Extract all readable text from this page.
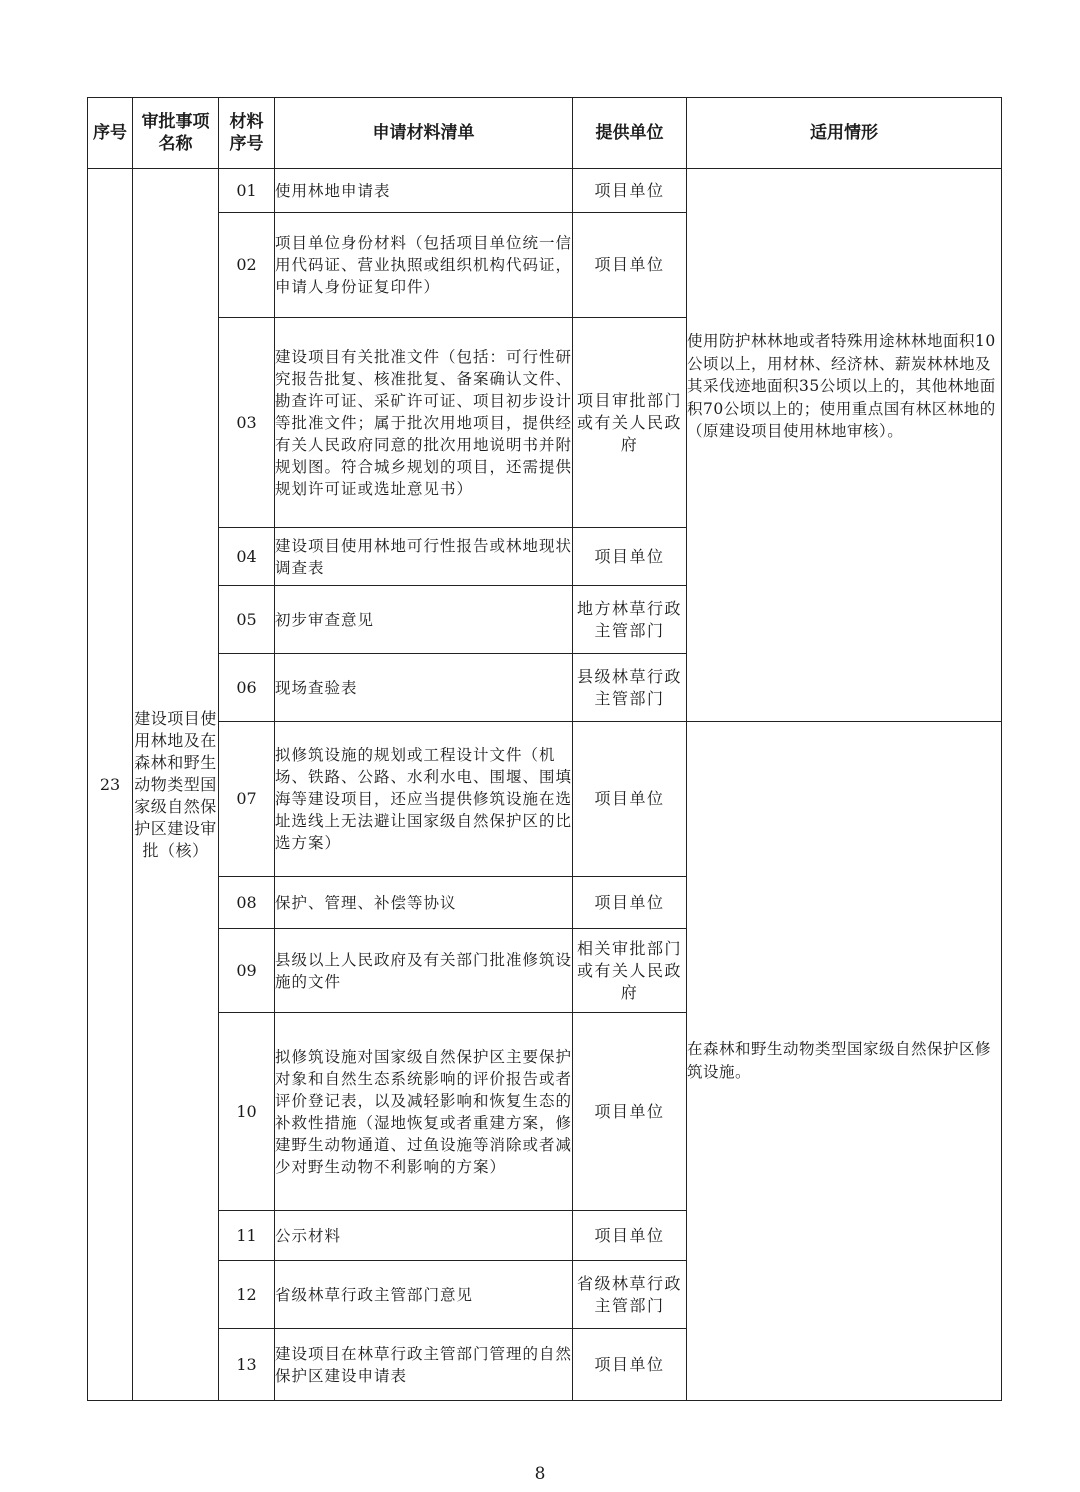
序号	审批事项名称	材料序号	申请材料清单	提供单位	适用情形
23	建设项目使用林地及在森林和野生动物类型国家级自然保护区建设审批（核）	01	使用林地申请表	项目单位	使用防护林林地或者特殊用途林林地面积10公顷以上，用材林、经济林、薪炭林林地及其采伐迹地面积35公顷以上的，其他林地面积70公顷以上的；使用重点国有林区林地的（原建设项目使用林地审核）。
		02	项目单位身份材料（包括项目单位统一信用代码证、营业执照或组织机构代码证，申请人身份证复印件）	项目单位	
		03	建设项目有关批准文件（包括：可行性研究报告批复、核准批复、备案确认文件、勘查许可证、采矿许可证、项目初步设计等批准文件；属于批次用地项目，提供经有关人民政府同意的批次用地说明书并附规划图。符合城乡规划的项目，还需提供规划许可证或选址意见书）	项目审批部门或有关人民政府	
		04	建设项目使用林地可行性报告或林地现状调查表	项目单位	
		05	初步审查意见	地方林草行政主管部门	
		06	现场查验表	县级林草行政主管部门	
		07	拟修筑设施的规划或工程设计文件（机场、铁路、公路、水利水电、围堰、围填海等建设项目，还应当提供修筑设施在选址选线上无法避让国家级自然保护区的比选方案）	项目单位	在森林和野生动物类型国家级自然保护区修筑设施。
		08	保护、管理、补偿等协议	项目单位	
		09	县级以上人民政府及有关部门批准修筑设施的文件	相关审批部门或有关人民政府	
		10	拟修筑设施对国家级自然保护区主要保护对象和自然生态系统影响的评价报告或者评价登记表，以及减轻影响和恢复生态的补救性措施（湿地恢复或者重建方案，修建野生动物通道、过鱼设施等消除或者减少对野生动物不利影响的方案）	项目单位	
		11	公示材料	项目单位	
		12	省级林草行政主管部门意见	省级林草行政主管部门	
		13	建设项目在林草行政主管部门管理的自然保护区建设申请表	项目单位	
8
